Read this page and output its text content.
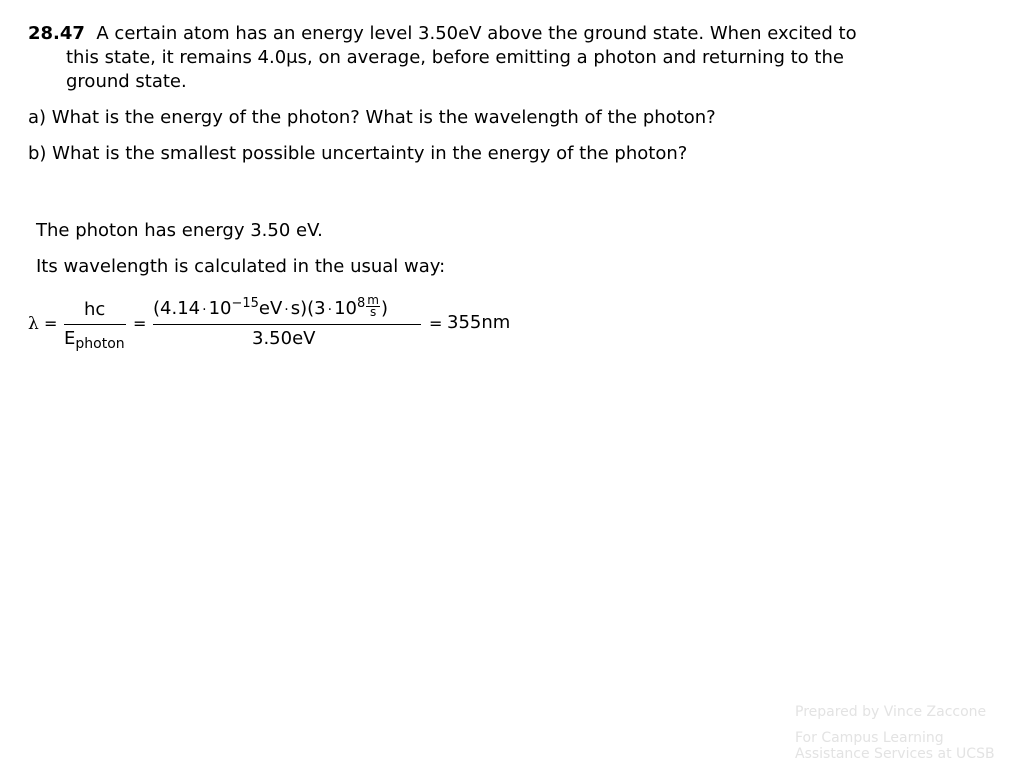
28.47 A certain atom has an energy level 3.50eV above the ground state. When excited to
this state, it remains 4.0μs, on average, before emitting a photon and returning to the
ground state.
a) What is the energy of the photon? What is the wavelength of the photon?
b) What is the smallest possible uncertainty in the energy of the photon?
The photon has energy 3.50 eV.
Its wavelength is calculated in the usual way:
λ =
hc
$E_{photon}$
=
$(4.14 \cdot 10^{-15}eV \cdot s)(3 \cdot 10^8 \frac{m}{s}$ )
3.50eV
= 355nm
Prepared by Vince Zaccone
For Campus Learning Assistance Services at UCSB
